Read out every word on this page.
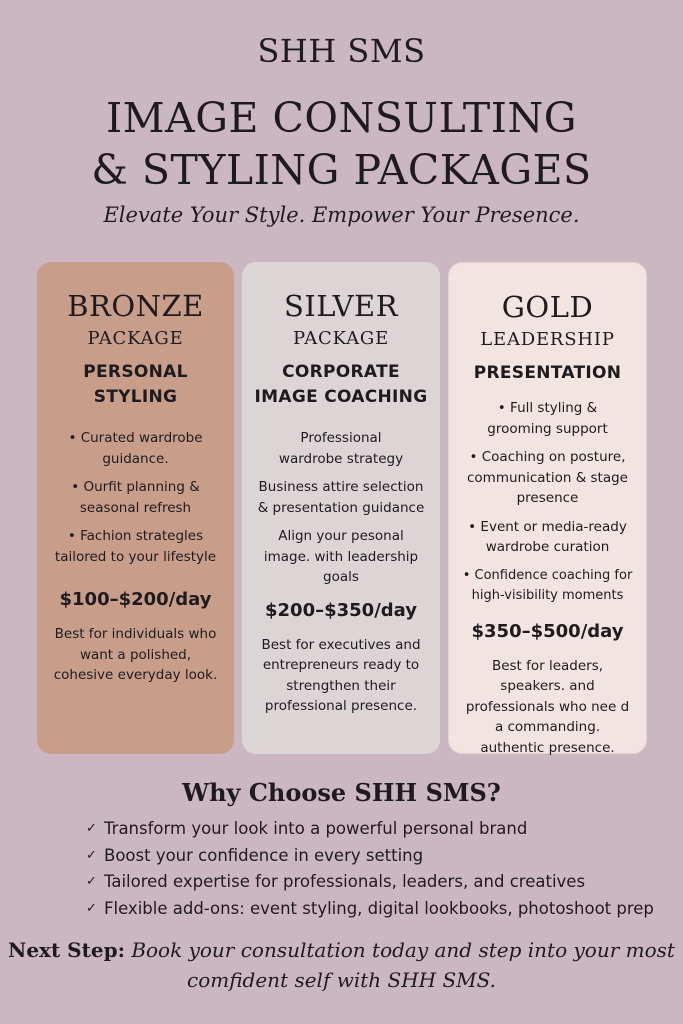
SHH SMS
IMAGE CONSULTING
& STYLING PACKAGES
Elevate Your Style. Empower Your Presence.
BRONZE
PACKAGE
PERSONAL
STYLING
• Curated wardrobe guidance.
• Ourfit planning & seasonal refresh
• Fachion strategles tailored to your lifestyle
$100–$200/day
Best for individuals who want a polished, cohesive everyday look.
SILVER
PACKAGE
CORPORATE
IMAGE COACHING
Professional wardrobe strategy
Business attire selection & presentation guidance
Align your pesonal image. with leadership goals
$200–$350/day
Best for executives and entrepreneurs ready to strengthen their professional presence.
GOLD
LEADERSHIP
PRESENTATION
• Full styling & grooming support
• Coaching on posture, communication & stage presence
• Event or media-ready wardrobe curation
• Confidence coaching for high-visibility moments
$350–$500/day
Best for leaders, speakers. and professionals who nee d a commanding. authentic presence.
Why Choose SHH SMS?
✓ Transform your look into a powerful personal brand
✓ Boost your confidence in every setting
✓ Tailored expertise for professionals, leaders, and creatives
✓ Flexible add-ons: event styling, digital lookbooks, photoshoot prep
Next Step: Book your consultation today and step into your most comfident self with SHH SMS.
